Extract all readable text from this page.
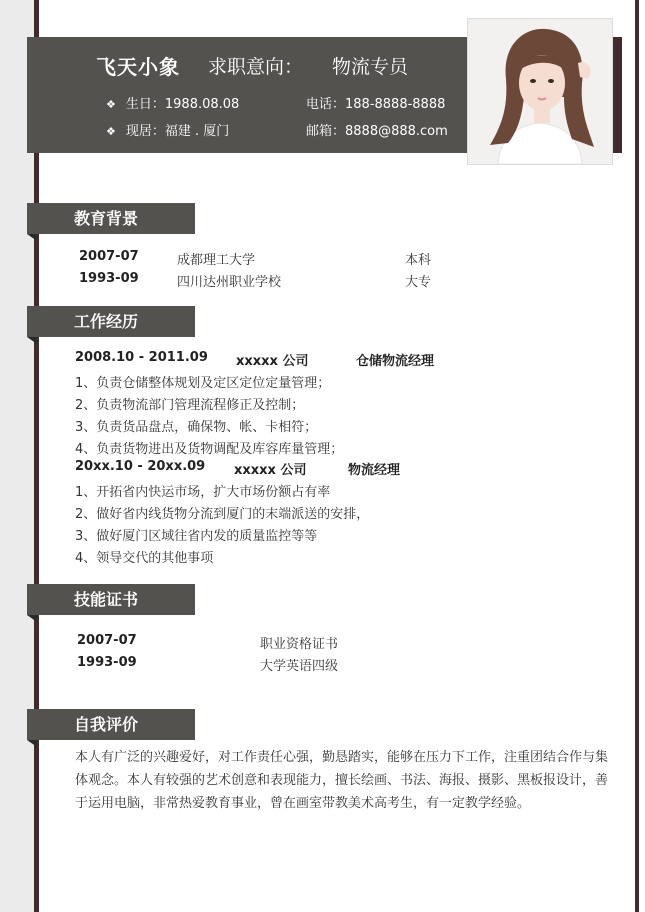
飞天小象 求职意向： 物流专员
❖ 生日：1988.08.08
❖ 现居：福建 . 厦门
电话：188-8888-8888
邮箱：8888@888.com
教育背景
2007-07	成都理工大学	本科
1993-09	四川达州职业学校	大专
工作经历
2008.10 - 2011.09 xxxxx 公司	仓储物流经理
1、负责仓储整体规划及定区定位定量管理；
2、负责物流部门管理流程修正及控制；
3、负责货品盘点，确保物、帐、卡相符；
4、负责货物进出及货物调配及库容库量管理；
20xx.10 - 20xx.09 xxxxx 公司	物流经理
1、开拓省内快运市场，扩大市场份额占有率
2、做好省内线货物分流到厦门的末端派送的安排，
3、做好厦门区域往省内发的质量监控等等
4、领导交代的其他事项
技能证书
2007-07	职业资格证书
1993-09	大学英语四级
自我评价
本人有广泛的兴趣爱好，对工作责任心强，勤恳踏实，能够在压力下工作，注重团结合作与集体观念。本人有较强的艺术创意和表现能力，擅长绘画、书法、海报、摄影、黑板报设计，善于运用电脑，非常热爱教育事业，曾在画室带教美术高考生，有一定教学经验。
